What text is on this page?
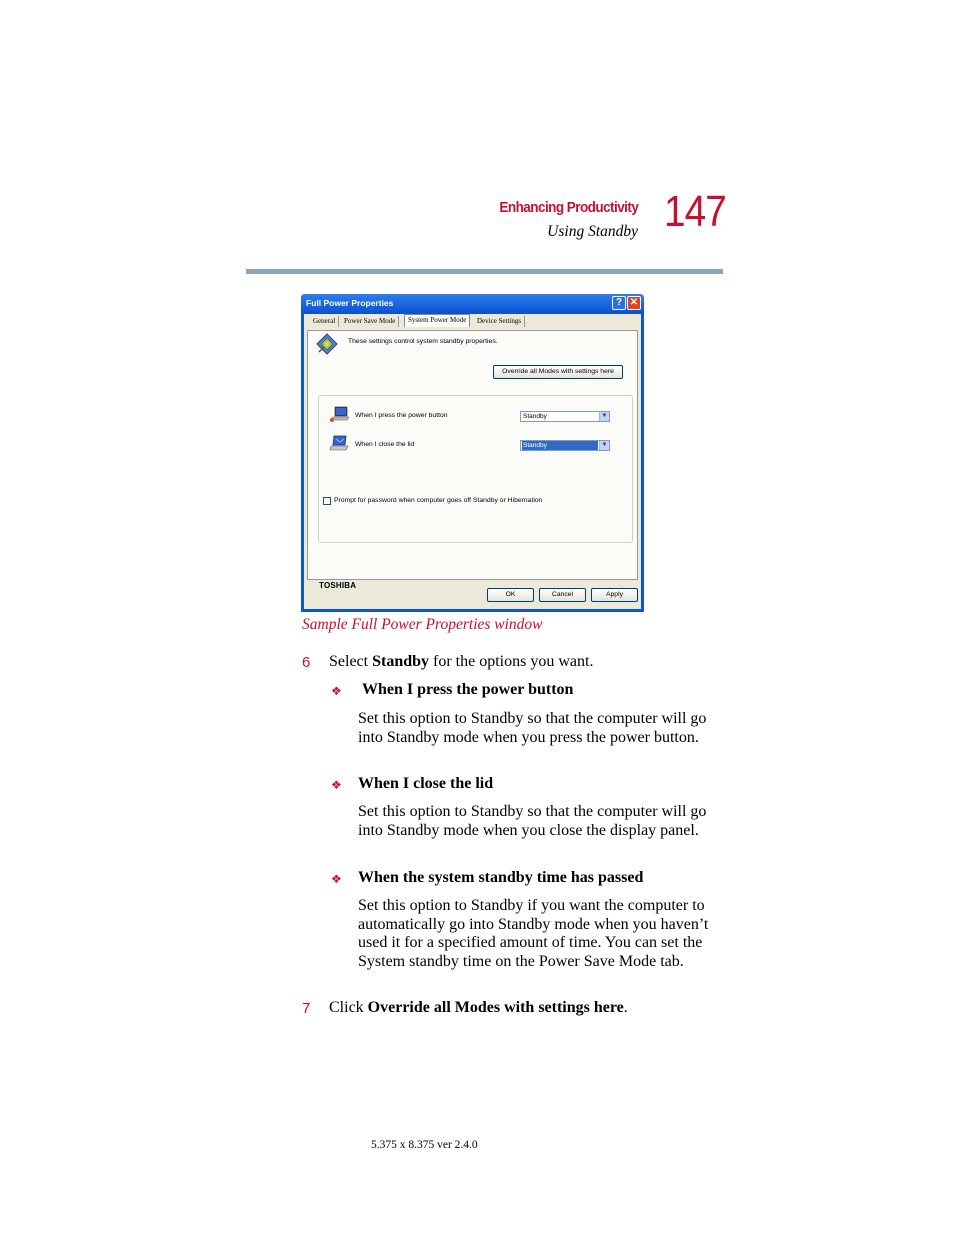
Enhancing Productivity
Using Standby 147
Full Power Properties	? ✕
These settings control system standby properties.
Override all Modes with settings here
When I press the power button	Standby	▼
When I close the lid	Standby	▼
Prompt for password when computer goes off Standby or Hibernation
TOSHIBA
OK	Cancel	Apply
General	Power Save Mode	System Power Mode	Device Settings
Sample Full Power Properties window
6 Select Standby for the options you want.
❖ When I press the power button
Set this option to Standby so that the computer will go into Standby mode when you press the power button.
❖ When I close the lid
Set this option to Standby so that the computer will go into Standby mode when you close the display panel.
❖ When the system standby time has passed
Set this option to Standby if you want the computer to automatically go into Standby mode when you haven’t used it for a specified amount of time. You can set the System standby time on the Power Save Mode tab.
7 Click Override all Modes with settings here.
5.375 x 8.375 ver 2.4.0
